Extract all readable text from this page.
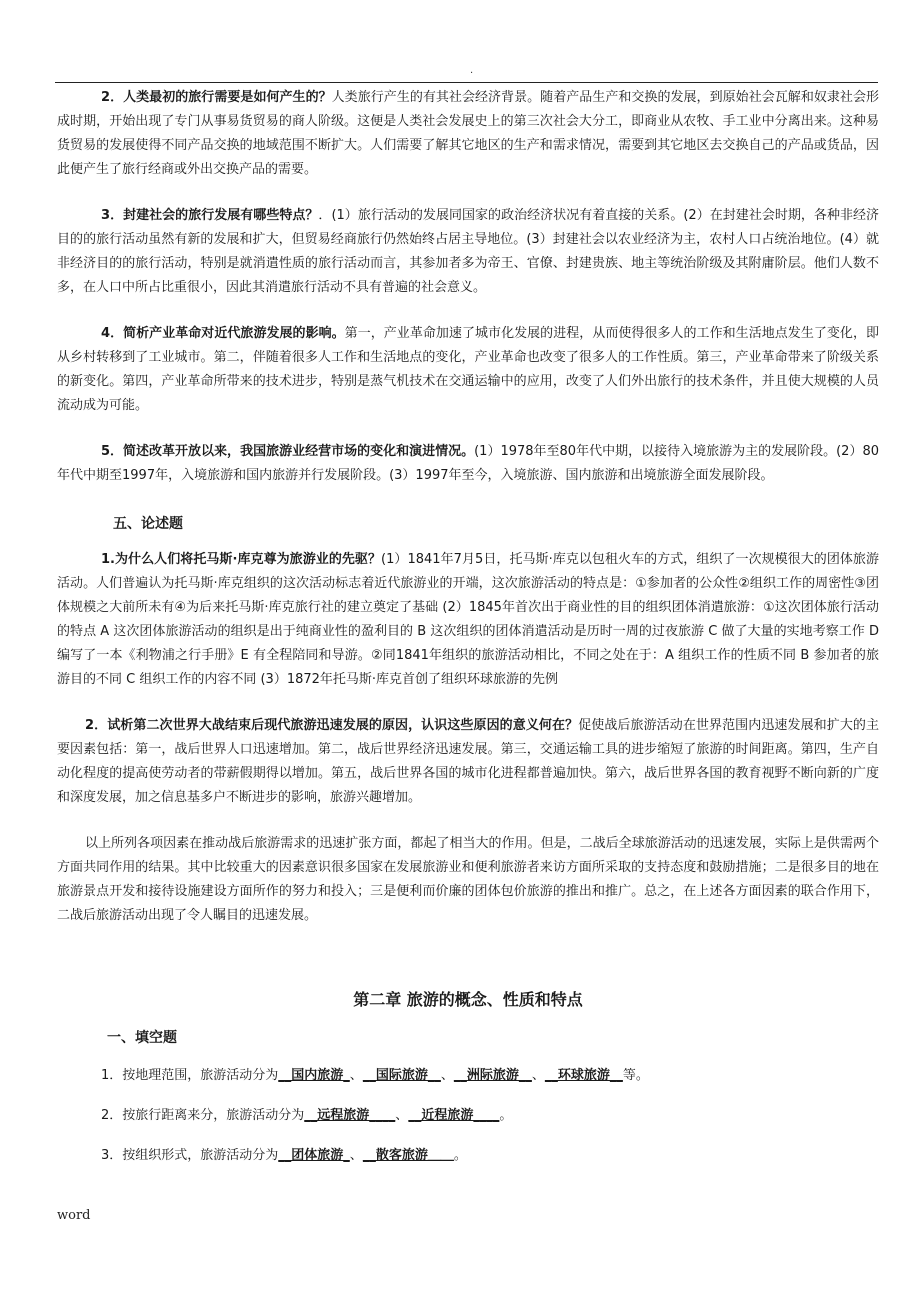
.

2．人类最初的旅行需要是如何产生的？人类旅行产生的有其社会经济背景。随着产品生产和交换的发展，到原始社会瓦解和奴隶社会形成时期，开始出现了专门从事易货贸易的商人阶级。这便是人类社会发展史上的第三次社会大分工，即商业从农牧、手工业中分离出来。这种易货贸易的发展使得不同产品交换的地域范围不断扩大。人们需要了解其它地区的生产和需求情况，需要到其它地区去交换自己的产品或货品，因此便产生了旅行经商或外出交换产品的需要。

3．封建社会的旅行发展有哪些特点？．(1）旅行活动的发展同国家的政治经济状况有着直接的关系。(2）在封建社会时期，各种非经济目的的旅行活动虽然有新的发展和扩大，但贸易经商旅行仍然始终占居主导地位。(3）封建社会以农业经济为主，农村人口占统治地位。(4）就非经济目的的旅行活动，特别是就消遣性质的旅行活动而言，其参加者多为帝王、官僚、封建贵族、地主等统治阶级及其附庸阶层。他们人数不多，在人口中所占比重很小，因此其消遣旅行活动不具有普遍的社会意义。

4．简析产业革命对近代旅游发展的影响。第一，产业革命加速了城市化发展的进程，从而使得很多人的工作和生活地点发生了变化，即从乡村转移到了工业城市。第二，伴随着很多人工作和生活地点的变化，产业革命也改变了很多人的工作性质。第三，产业革命带来了阶级关系的新变化。第四，产业革命所带来的技术进步，特别是蒸气机技术在交通运输中的应用，改变了人们外出旅行的技术条件，并且使大规模的人员流动成为可能。

5．简述改革开放以来，我国旅游业经营市场的变化和演进情况。(1）1978年至80年代中期，以接待入境旅游为主的发展阶段。(2）80年代中期至1997年，入境旅游和国内旅游并行发展阶段。(3）1997年至今，入境旅游、国内旅游和出境旅游全面发展阶段。

五、论述题

1.为什么人们将托马斯·库克尊为旅游业的先驱？(1）1841年7月5日，托马斯·库克以包租火车的方式，组织了一次规模很大的团体旅游活动。人们普遍认为托马斯·库克组织的这次活动标志着近代旅游业的开端，这次旅游活动的特点是：①参加者的公众性②组织工作的周密性③团体规模之大前所未有④为后来托马斯·库克旅行社的建立奠定了基础 (2）1845年首次出于商业性的目的组织团体消遣旅游：①这次团体旅行活动的特点 A 这次团体旅游活动的组织是出于纯商业性的盈利目的 B 这次组织的团体消遣活动是历时一周的过夜旅游 C 做了大量的实地考察工作 D 编写了一本《利物浦之行手册》E 有全程陪同和导游。②同1841年组织的旅游活动相比，不同之处在于：A 组织工作的性质不同 B 参加者的旅游目的不同 C 组织工作的内容不同 (3）1872年托马斯·库克首创了组织环球旅游的先例

2．试析第二次世界大战结束后现代旅游迅速发展的原因，认识这些原因的意义何在？促使战后旅游活动在世界范围内迅速发展和扩大的主要因素包括：第一，战后世界人口迅速增加。第二，战后世界经济迅速发展。第三，交通运输工具的进步缩短了旅游的时间距离。第四，生产自动化程度的提高使劳动者的带薪假期得以增加。第五，战后世界各国的城市化进程都普遍加快。第六，战后世界各国的教育视野不断向新的广度和深度发展，加之信息基多户不断进步的影响，旅游兴趣增加。

以上所列各项因素在推动战后旅游需求的迅速扩张方面，都起了相当大的作用。但是，二战后全球旅游活动的迅速发展，实际上是供需两个方面共同作用的结果。其中比较重大的因素意识很多国家在发展旅游业和便利旅游者来访方面所采取的支持态度和鼓励措施；二是很多目的地在旅游景点开发和接待设施建设方面所作的努力和投入；三是便利而价廉的团体包价旅游的推出和推广。总之，在上述各方面因素的联合作用下，二战后旅游活动出现了令人瞩目的迅速发展。

第二章 旅游的概念、性质和特点
一、填空题
1．按地理范围，旅游活动分为__国内旅游_、__国际旅游__、__洲际旅游__、__环球旅游__等。
2．按旅行距离来分，旅游活动分为__远程旅游____、__近程旅游____。
3．按组织形式，旅游活动分为__团体旅游_、__散客旅游＿＿。
word
